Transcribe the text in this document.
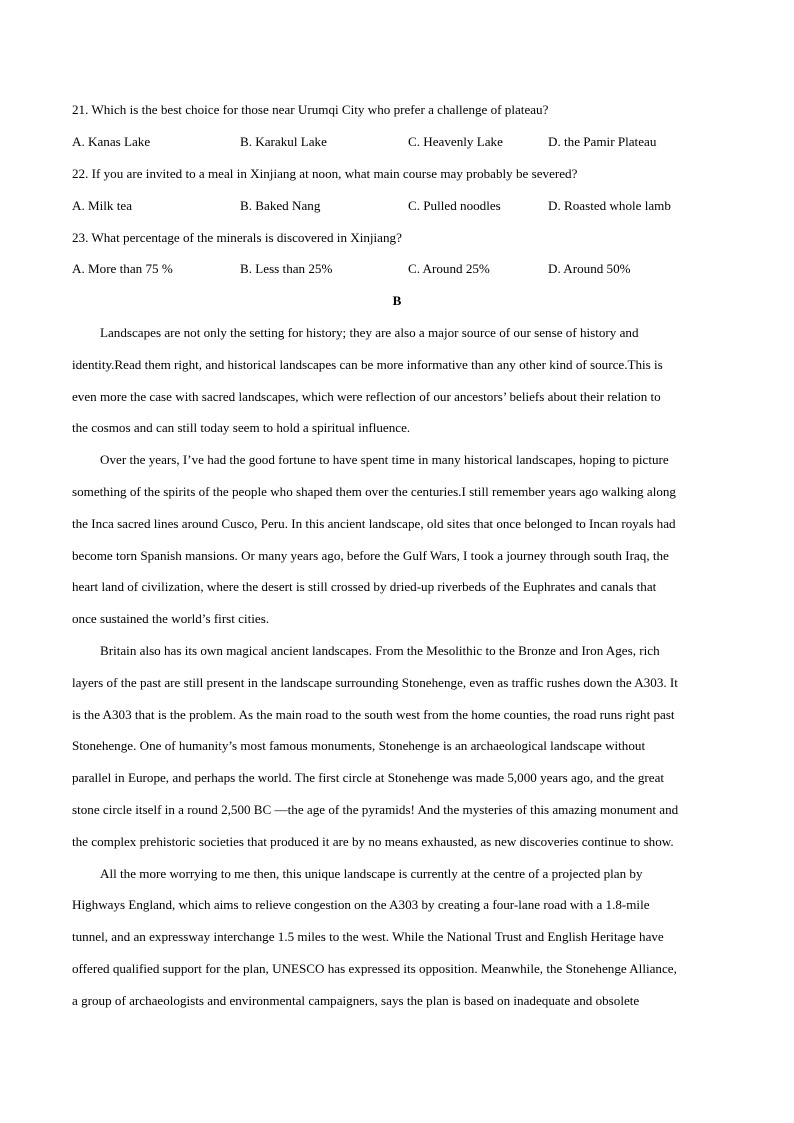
21. Which is the best choice for those near Urumqi City who prefer a challenge of plateau?
A. Kanas Lake	B. Karakul Lake	C. Heavenly Lake	D. the Pamir Plateau
22. If you are invited to a meal in Xinjiang at noon, what main course may probably be severed?
A. Milk tea	B. Baked Nang	C. Pulled noodles	D. Roasted whole lamb
23. What percentage of the minerals is discovered in Xinjiang?
A. More than 75 %	B. Less than 25%	C. Around 25%	D. Around 50%
B
Landscapes are not only the setting for history; they are also a major source of our sense of history and
identity.Read them right, and historical landscapes can be more informative than any other kind of source.This is
even more the case with sacred landscapes, which were reflection of our ancestors’ beliefs about their relation to
the cosmos and can still today seem to hold a spiritual influence.
Over the years, I’ve had the good fortune to have spent time in many historical landscapes, hoping to picture
something of the spirits of the people who shaped them over the centuries.I still remember years ago walking along
the Inca sacred lines around Cusco, Peru. In this ancient landscape, old sites that once belonged to Incan royals had
become torn Spanish mansions. Or many years ago, before the Gulf Wars, I took a journey through south Iraq, the
heart land of civilization, where the desert is still crossed by dried-up riverbeds of the Euphrates and canals that
once sustained the world’s first cities.
Britain also has its own magical ancient landscapes. From the Mesolithic to the Bronze and Iron Ages, rich
layers of the past are still present in the landscape surrounding Stonehenge, even as traffic rushes down the A303. It
is the A303 that is the problem. As the main road to the south west from the home counties, the road runs right past
Stonehenge. One of humanity’s most famous monuments, Stonehenge is an archaeological landscape without
parallel in Europe, and perhaps the world. The first circle at Stonehenge was made 5,000 years ago, and the great
stone circle itself in a round 2,500 BC —the age of the pyramids! And the mysteries of this amazing monument and
the complex prehistoric societies that produced it are by no means exhausted, as new discoveries continue to show.
All the more worrying to me then, this unique landscape is currently at the centre of a projected plan by
Highways England, which aims to relieve congestion on the A303 by creating a four-lane road with a 1.8-mile
tunnel, and an expressway interchange 1.5 miles to the west. While the National Trust and English Heritage have
offered qualified support for the plan, UNESCO has expressed its opposition. Meanwhile, the Stonehenge Alliance,
a group of archaeologists and environmental campaigners, says the plan is based on inadequate and obsolete
